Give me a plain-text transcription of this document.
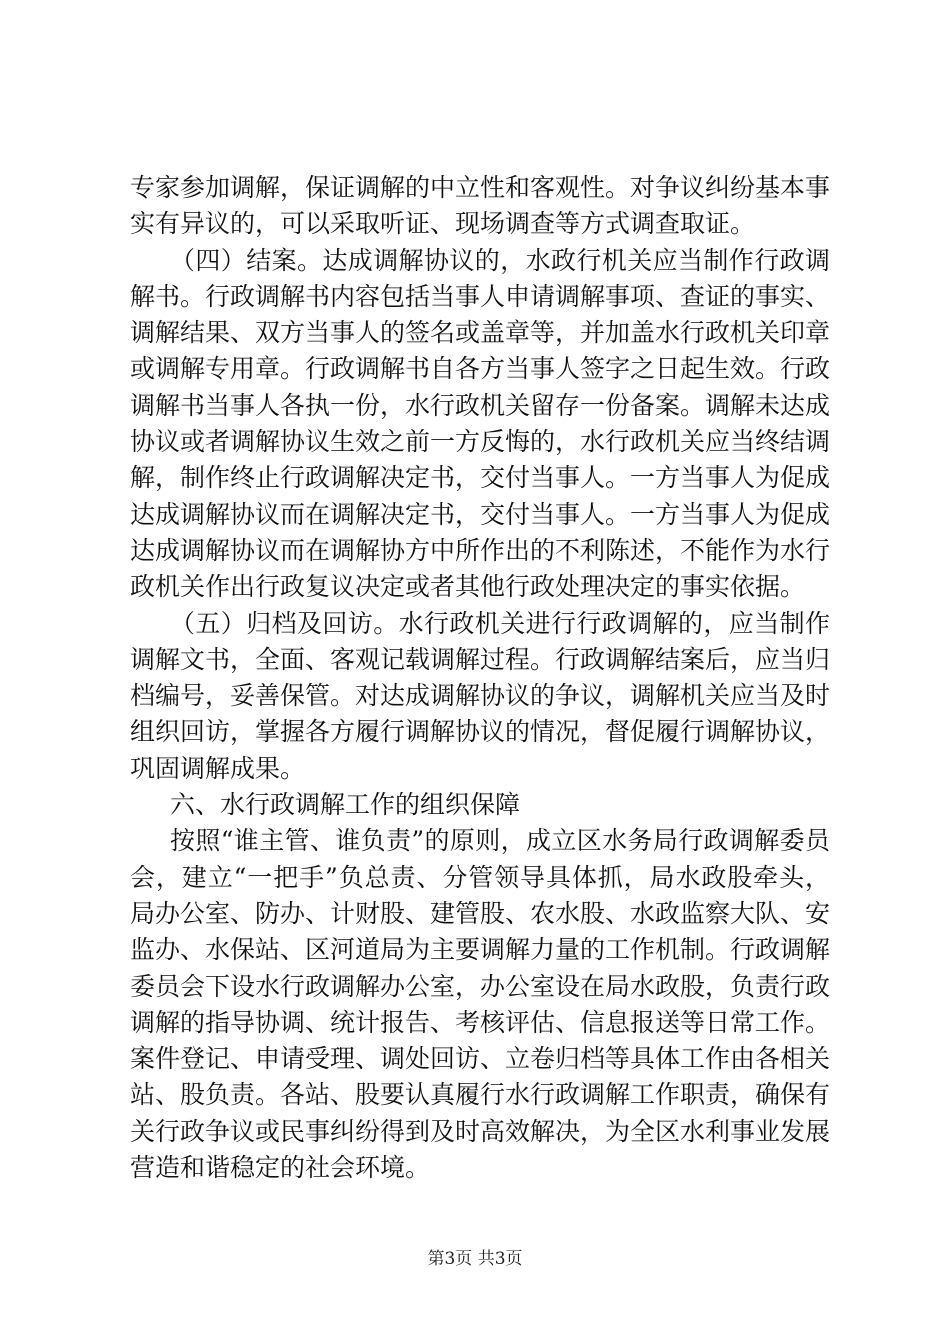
专家参加调解，保证调解的中立性和客观性。对争议纠纷基本事实有异议的，可以采取听证、现场调查等方式调查取证。

（四）结案。达成调解协议的，水政行机关应当制作行政调解书。行政调解书内容包括当事人申请调解事项、查证的事实、调解结果、双方当事人的签名或盖章等，并加盖水行政机关印章或调解专用章。行政调解书自各方当事人签字之日起生效。行政调解书当事人各执一份，水行政机关留存一份备案。调解未达成协议或者调解协议生效之前一方反悔的，水行政机关应当终结调解，制作终止行政调解决定书，交付当事人。一方当事人为促成达成调解协议而在调解决定书，交付当事人。一方当事人为促成达成调解协议而在调解协方中所作出的不利陈述，不能作为水行政机关作出行政复议决定或者其他行政处理决定的事实依据。

（五）归档及回访。水行政机关进行行政调解的，应当制作调解文书，全面、客观记载调解过程。行政调解结案后，应当归档编号，妥善保管。对达成调解协议的争议，调解机关应当及时组织回访，掌握各方履行调解协议的情况，督促履行调解协议，巩固调解成果。

六、水行政调解工作的组织保障

按照“谁主管、谁负责”的原则，成立区水务局行政调解委员会，建立“一把手”负总责、分管领导具体抓，局水政股牵头，局办公室、防办、计财股、建管股、农水股、水政监察大队、安监办、水保站、区河道局为主要调解力量的工作机制。行政调解委员会下设水行政调解办公室，办公室设在局水政股，负责行政调解的指导协调、统计报告、考核评估、信息报送等日常工作。案件登记、申请受理、调处回访、立卷归档等具体工作由各相关站、股负责。各站、股要认真履行水行政调解工作职责，确保有关行政争议或民事纠纷得到及时高效解决，为全区水利事业发展营造和谐稳定的社会环境。

第3页 共3页
